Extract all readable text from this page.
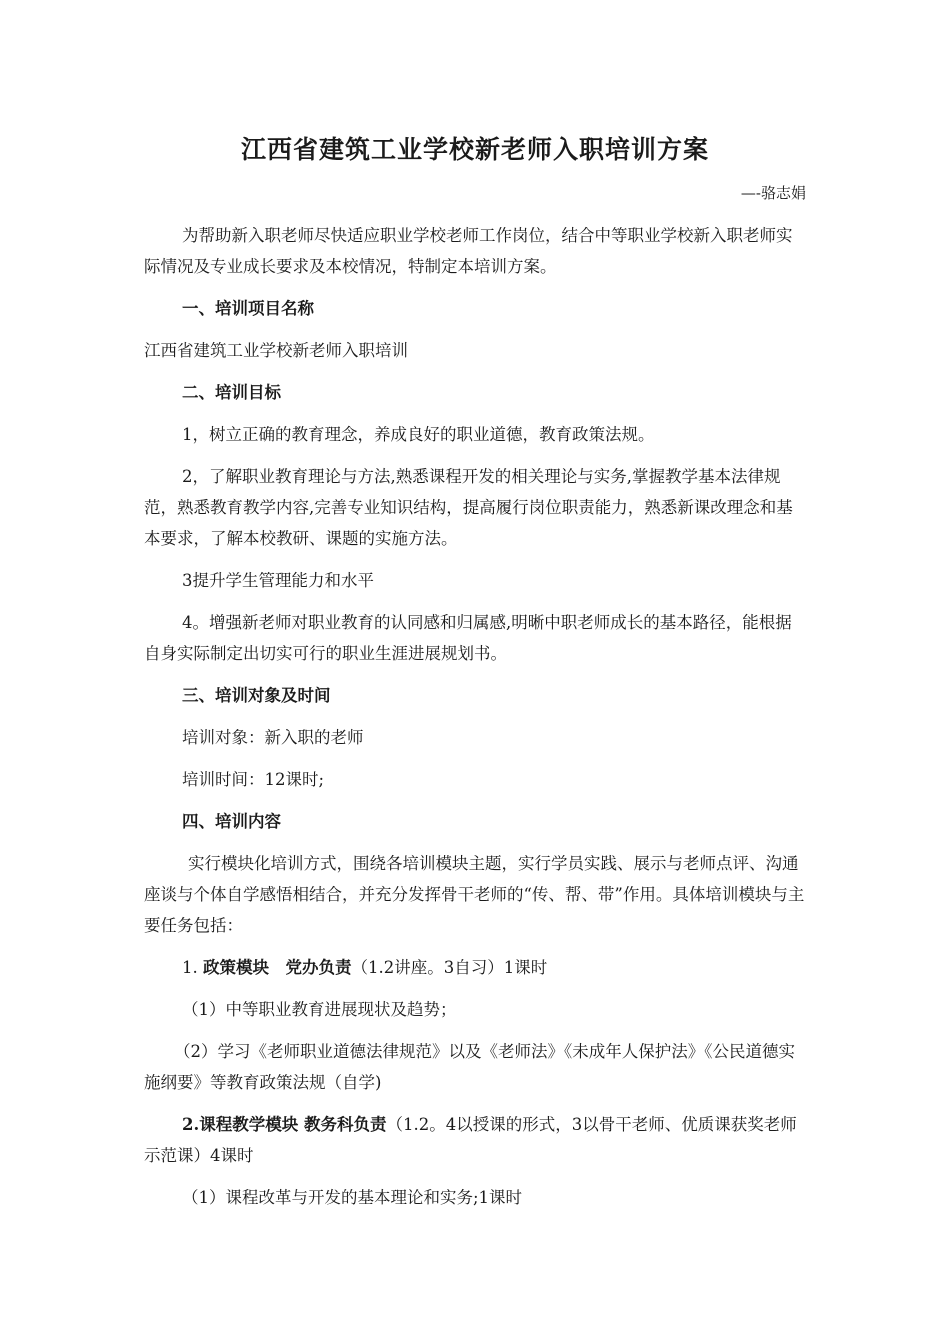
江西省建筑工业学校新老师入职培训方案
—-骆志娟

为帮助新入职老师尽快适应职业学校老师工作岗位，结合中等职业学校新入职老师实际情况及专业成长要求及本校情况，特制定本培训方案。

一、培训项目名称

江西省建筑工业学校新老师入职培训

二、培训目标

1，树立正确的教育理念，养成良好的职业道德，教育政策法规。

2，了解职业教育理论与方法,熟悉课程开发的相关理论与实务,掌握教学基本法律规范，熟悉教育教学内容,完善专业知识结构，提高履行岗位职责能力，熟悉新课改理念和基本要求，了解本校教研、课题的实施方法。

3提升学生管理能力和水平

4。增强新老师对职业教育的认同感和归属感,明晰中职老师成长的基本路径，能根据自身实际制定出切实可行的职业生涯进展规划书。

三、培训对象及时间

培训对象：新入职的老师

培训时间：12课时;

四、培训内容

实行模块化培训方式，围绕各培训模块主题，实行学员实践、展示与老师点评、沟通座谈与个体自学感悟相结合，并充分发挥骨干老师的“传、帮、带”作用。具体培训模块与主要任务包括：

1. 政策模块　党办负责（1.2讲座。3自习）1课时

（1）中等职业教育进展现状及趋势；

（2）学习《老师职业道德法律规范》以及《老师法》《未成年人保护法》《公民道德实施纲要》等教育政策法规（自学)

2.课程教学模块 教务科负责（1.2。4以授课的形式，3以骨干老师、优质课获奖老师示范课）4课时

（1）课程改革与开发的基本理论和实务;1课时
